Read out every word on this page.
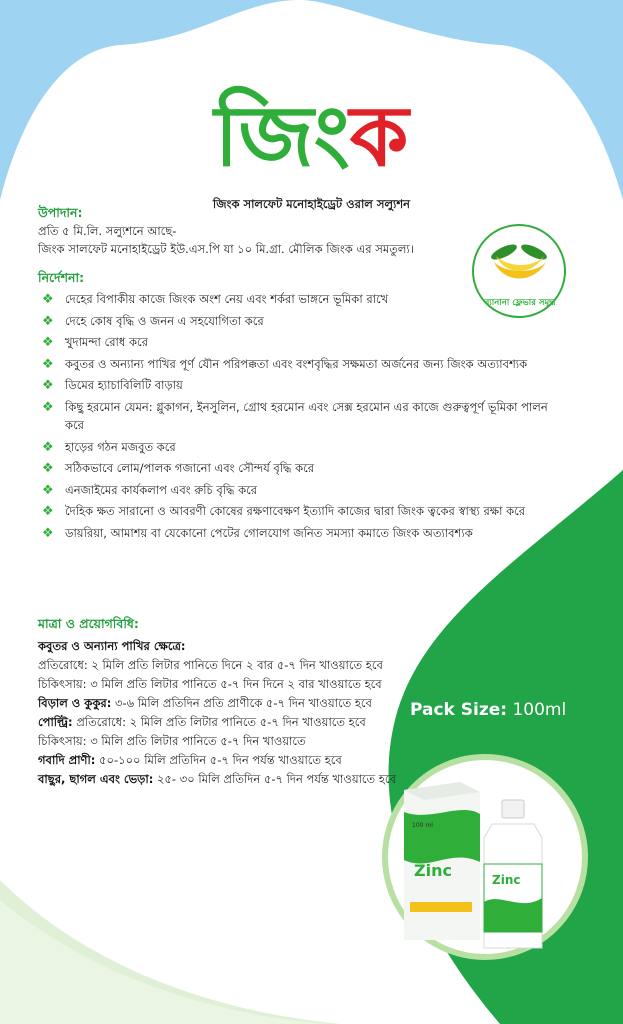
জিংক
জিংক সালফেট মনোহাইড্রেট ওরাল সল্যুশন
উপাদান:
প্রতি ৫ মি.লি. সল্যুশনে আছে-
জিংক সালফেট মনোহাইড্রেট ইউ.এস.পি যা ১০ মি.গ্রা. মৌলিক জিংক এর সমতুল্য।
ব্যানানা ফ্লেভার সমৃদ্ধ
নির্দেশনা:
❖ দেহের বিপাকীয় কাজে জিংক অংশ নেয় এবং শর্করা ভাঙ্গনে ভূমিকা রাখে
❖ দেহে কোষ বৃদ্ধি ও জনন এ সহযোগিতা করে
❖ খুদামন্দা রোধ করে
❖ কবুতর ও অন্যান্য পাখির পূর্ণ যৌন পরিপক্কতা এবং বংশবৃদ্ধির সক্ষমতা অর্জনের জন্য জিংক অত্যাবশ্যক
❖ ডিমের হ্যাচাবিলিটি বাড়ায়
❖ কিছু হরমোন যেমন: গ্লুকাগন, ইনসুলিন, গ্রোথ হরমোন এবং সেক্স হরমোন এর কাজে গুরুত্বপূর্ণ ভূমিকা পালন করে
❖ হাড়ের গঠন মজবুত করে
❖ সঠিকভাবে লোম/পালক গজানো এবং সৌন্দর্য বৃদ্ধি করে
❖ এনজাইমের কার্যকলাপ এবং রুচি বৃদ্ধি করে
❖ দৈহিক ক্ষত সারানো ও আবরণী কোষের রক্ষণাবেক্ষণ ইত্যাদি কাজের দ্বারা জিংক ত্বকের স্বাস্থ্য রক্ষা করে
❖ ডায়রিয়া, আমাশয় বা যেকোনো পেটের গোলযোগ জনিত সমস্যা কমাতে জিংক অত্যাবশ্যক
মাত্রা ও প্রয়োগবিধি:

কবুতর ও অন্যান্য পাখির ক্ষেত্রে:

প্রতিরোধে: ২ মিলি প্রতি লিটার পানিতে দিনে ২ বার ৫-৭ দিন খাওয়াতে হবে

চিকিৎসায়: ৩ মিলি প্রতি লিটার পানিতে ৫-৭ দিন দিনে ২ বার খাওয়াতে হবে

বিড়াল ও কুকুর: ৩-৬ মিলি প্রতিদিন প্রতি প্রাণীকে ৫-৭ দিন খাওয়াতে হবে

পোল্ট্রি: প্রতিরোধে: ২ মিলি প্রতি লিটার পানিতে ৫-৭ দিন খাওয়াতে হবে

চিকিৎসায়: ৩ মিলি প্রতি লিটার পানিতে ৫-৭ দিন খাওয়াতে

গবাদি প্রাণী: ৫০-১০০ মিলি প্রতিদিন ৫-৭ দিন পর্যন্ত খাওয়াতে হবে

বাছুর, ছাগল এবং ভেড়া: ২৫- ৩০ মিলি প্রতিদিন ৫-৭ দিন পর্যন্ত খাওয়াতে হবে

Pack Size: 100ml
Zinc
100 ml
Zinc
